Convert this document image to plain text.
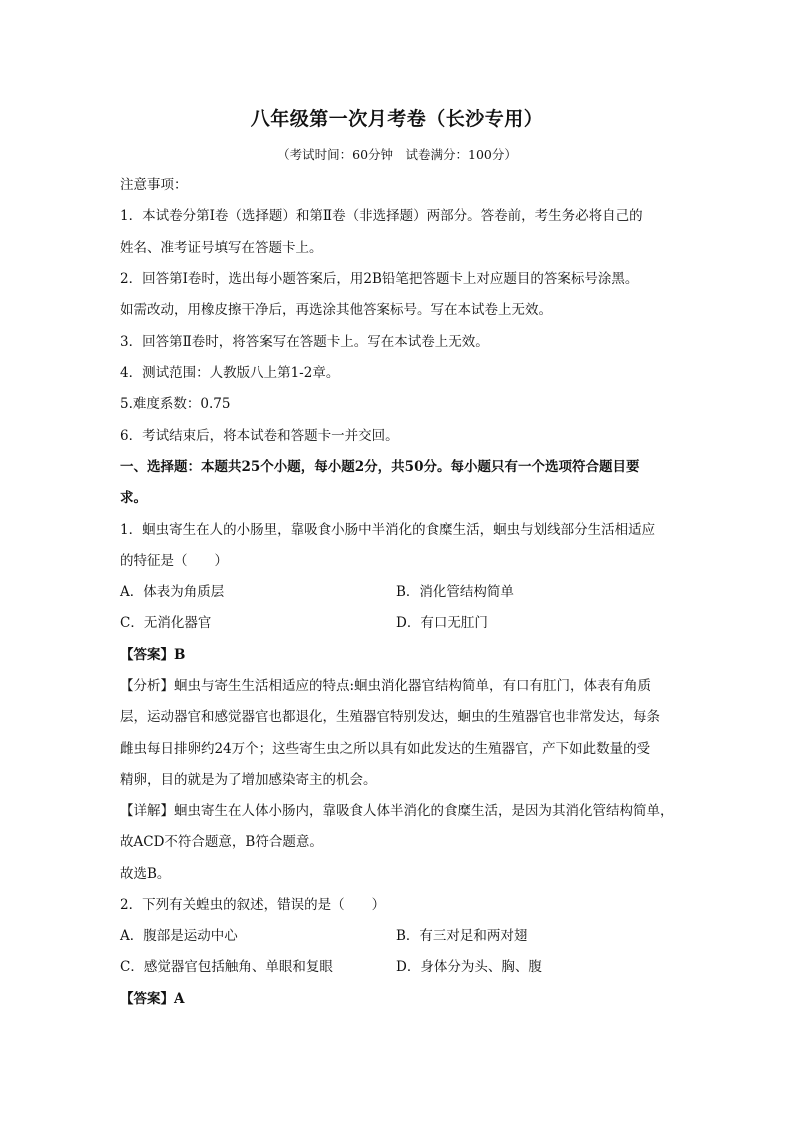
八年级第一次月考卷（长沙专用）
（考试时间：60分钟　试卷满分：100分）
注意事项：
1．本试卷分第Ⅰ卷（选择题）和第Ⅱ卷（非选择题）两部分。答卷前，考生务必将自己的
姓名、准考证号填写在答题卡上。
2．回答第Ⅰ卷时，选出每小题答案后，用2B铅笔把答题卡上对应题目的答案标号涂黑。
如需改动，用橡皮擦干净后，再选涂其他答案标号。写在本试卷上无效。
3．回答第Ⅱ卷时，将答案写在答题卡上。写在本试卷上无效。
4．测试范围：人教版八上第1-2章。
5.难度系数：0.75
6．考试结束后，将本试卷和答题卡一并交回。
一、选择题：本题共25个小题，每小题2分，共50分。每小题只有一个选项符合题目要
求。
1．蛔虫寄生在人的小肠里，靠吸食小肠中半消化的食糜生活，蛔虫与划线部分生活相适应
的特征是（　　）
A．体表为角质层	B．消化管结构简单
C．无消化器官	D．有口无肛门
【答案】B
【分析】蛔虫与寄生生活相适应的特点:蛔虫消化器官结构简单，有口有肛门，体表有角质
层，运动器官和感觉器官也都退化，生殖器官特别发达，蛔虫的生殖器官也非常发达，每条
雌虫每日排卵约24万个；这些寄生虫之所以具有如此发达的生殖器官，产下如此数量的受
精卵，目的就是为了增加感染寄主的机会。
【详解】蛔虫寄生在人体小肠内，靠吸食人体半消化的食糜生活，是因为其消化管结构简单，
故ACD不符合题意，B符合题意。
故选B。
2．下列有关蝗虫的叙述，错误的是（　　）
A．腹部是运动中心	B．有三对足和两对翅
C．感觉器官包括触角、单眼和复眼	D．身体分为头、胸、腹
【答案】A
